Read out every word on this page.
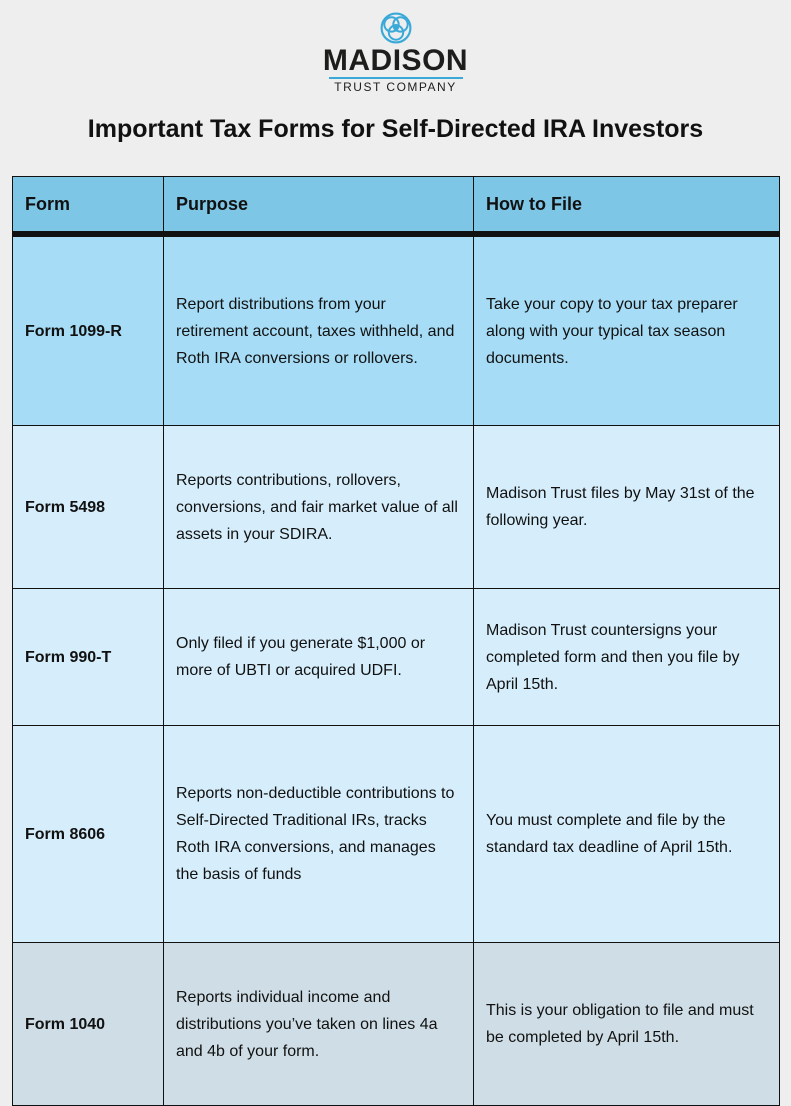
MADISON
TRUST COMPANY
Important Tax Forms for Self-Directed IRA Investors
Form	Purpose	How to File
Form 1099-R	Report distributions from your retirement account, taxes withheld, and Roth IRA conversions or rollovers.	Take your copy to your tax preparer along with your typical tax season documents.
Form 5498	Reports contributions, rollovers, conversions, and fair market value of all assets in your SDIRA.	Madison Trust files by May 31st of the following year.
Form 990-T	Only filed if you generate $1,000 or more of UBTI or acquired UDFI.	Madison Trust countersigns your completed form and then you file by April 15th.
Form 8606	Reports non-deductible contributions to Self-Directed Traditional IRs, tracks Roth IRA conversions, and manages the basis of funds	You must complete and file by the standard tax deadline of April 15th.
Form 1040	Reports individual income and distributions you’ve taken on lines 4a and 4b of your form.	This is your obligation to file and must be completed by April 15th.
